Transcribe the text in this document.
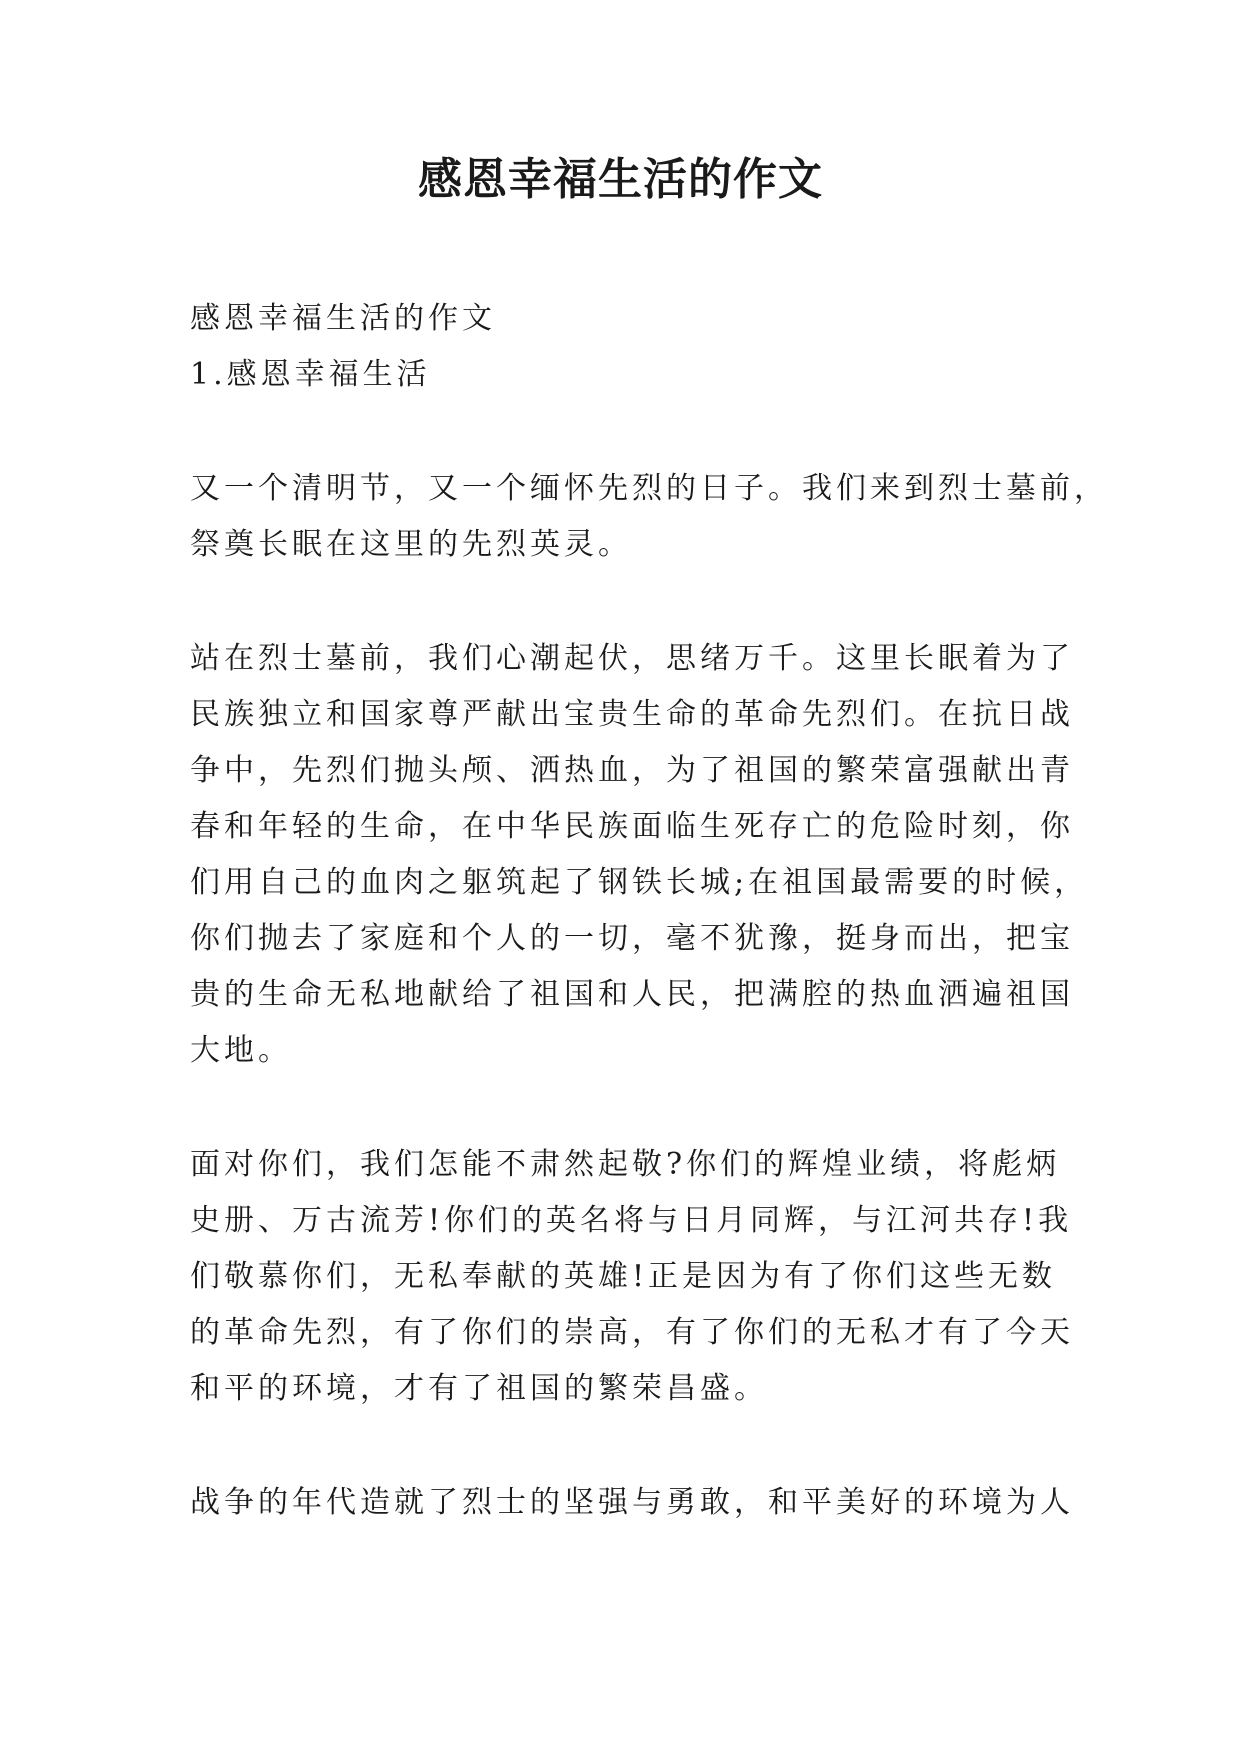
感恩幸福生活的作文

感恩幸福生活的作文

1.感恩幸福生活

又一个清明节，又一个缅怀先烈的日子。我们来到烈士墓前，

祭奠长眠在这里的先烈英灵。

站在烈士墓前，我们心潮起伏，思绪万千。这里长眠着为了

民族独立和国家尊严献出宝贵生命的革命先烈们。在抗日战

争中，先烈们抛头颅、洒热血，为了祖国的繁荣富强献出青

春和年轻的生命，在中华民族面临生死存亡的危险时刻，你

们用自己的血肉之躯筑起了钢铁长城;在祖国最需要的时候，

你们抛去了家庭和个人的一切，毫不犹豫，挺身而出，把宝

贵的生命无私地献给了祖国和人民，把满腔的热血洒遍祖国

大地。

面对你们，我们怎能不肃然起敬?你们的辉煌业绩，将彪炳

史册、万古流芳!你们的英名将与日月同辉，与江河共存!我

们敬慕你们，无私奉献的英雄!正是因为有了你们这些无数

的革命先烈，有了你们的崇高，有了你们的无私才有了今天

和平的环境，才有了祖国的繁荣昌盛。

战争的年代造就了烈士的坚强与勇敢，和平美好的环境为人
